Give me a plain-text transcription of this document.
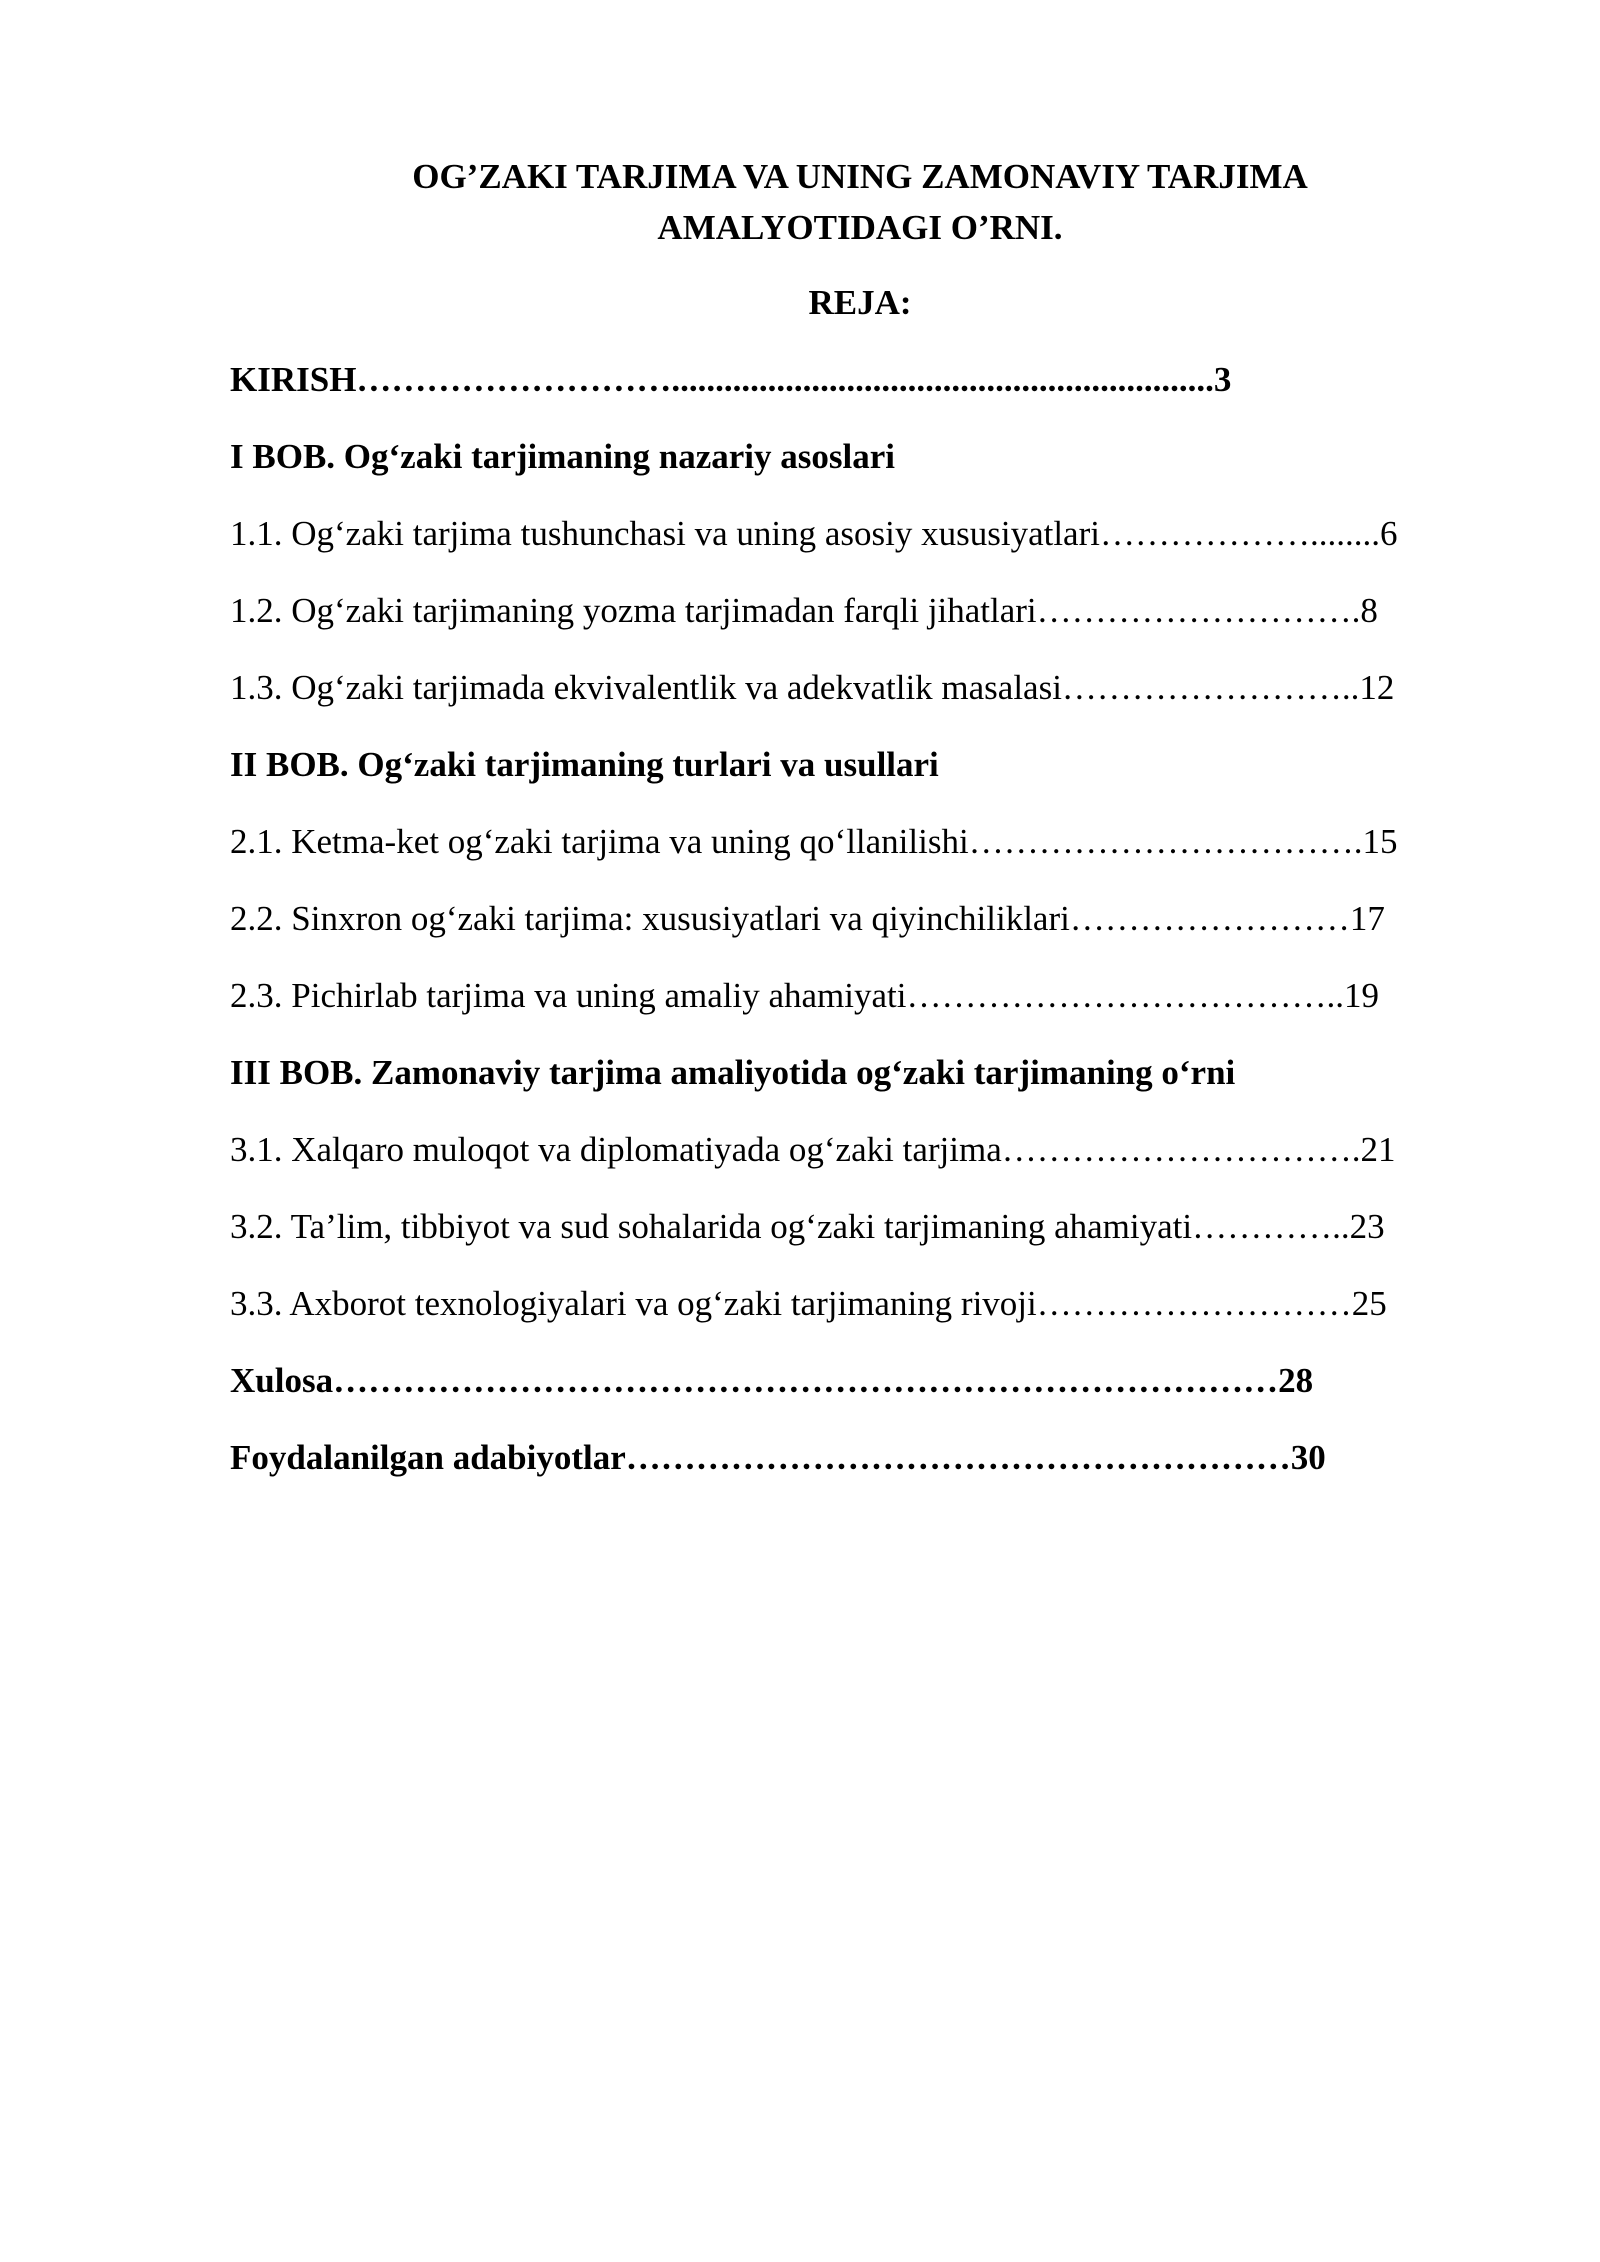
OG’ZAKI TARJIMA VA UNING ZAMONAVIY TARJIMA
AMALYOTIDAGI O’RNI.
REJA:
KIRISH………………………..............................................................3
I BOB. Og‘zaki tarjimaning nazariy asoslari
1.1. Og‘zaki tarjima tushunchasi va uning asosiy xususiyatlari………………........6
1.2. Og‘zaki tarjimaning yozma tarjimadan farqli jihatlari……………………….8
1.3. Og‘zaki tarjimada ekvivalentlik va adekvatlik masalasi……………………..12
II BOB. Og‘zaki tarjimaning turlari va usullari
2.1. Ketma-ket og‘zaki tarjima va uning qo‘llanilishi…………………………….15
2.2. Sinxron og‘zaki tarjima: xususiyatlari va qiyinchiliklari……………………17
2.3. Pichirlab tarjima va uning amaliy ahamiyati………………………………..19
III BOB. Zamonaviy tarjima amaliyotida og‘zaki tarjimaning o‘rni
3.1. Xalqaro muloqot va diplomatiyada og‘zaki tarjima………………………….21
3.2. Ta’lim, tibbiyot va sud sohalarida og‘zaki tarjimaning ahamiyati…………..23
3.3. Axborot texnologiyalari va og‘zaki tarjimaning rivoji………………………25
Xulosa………………………………………………………………………28
Foydalanilgan adabiyotlar…………………………………………………30
